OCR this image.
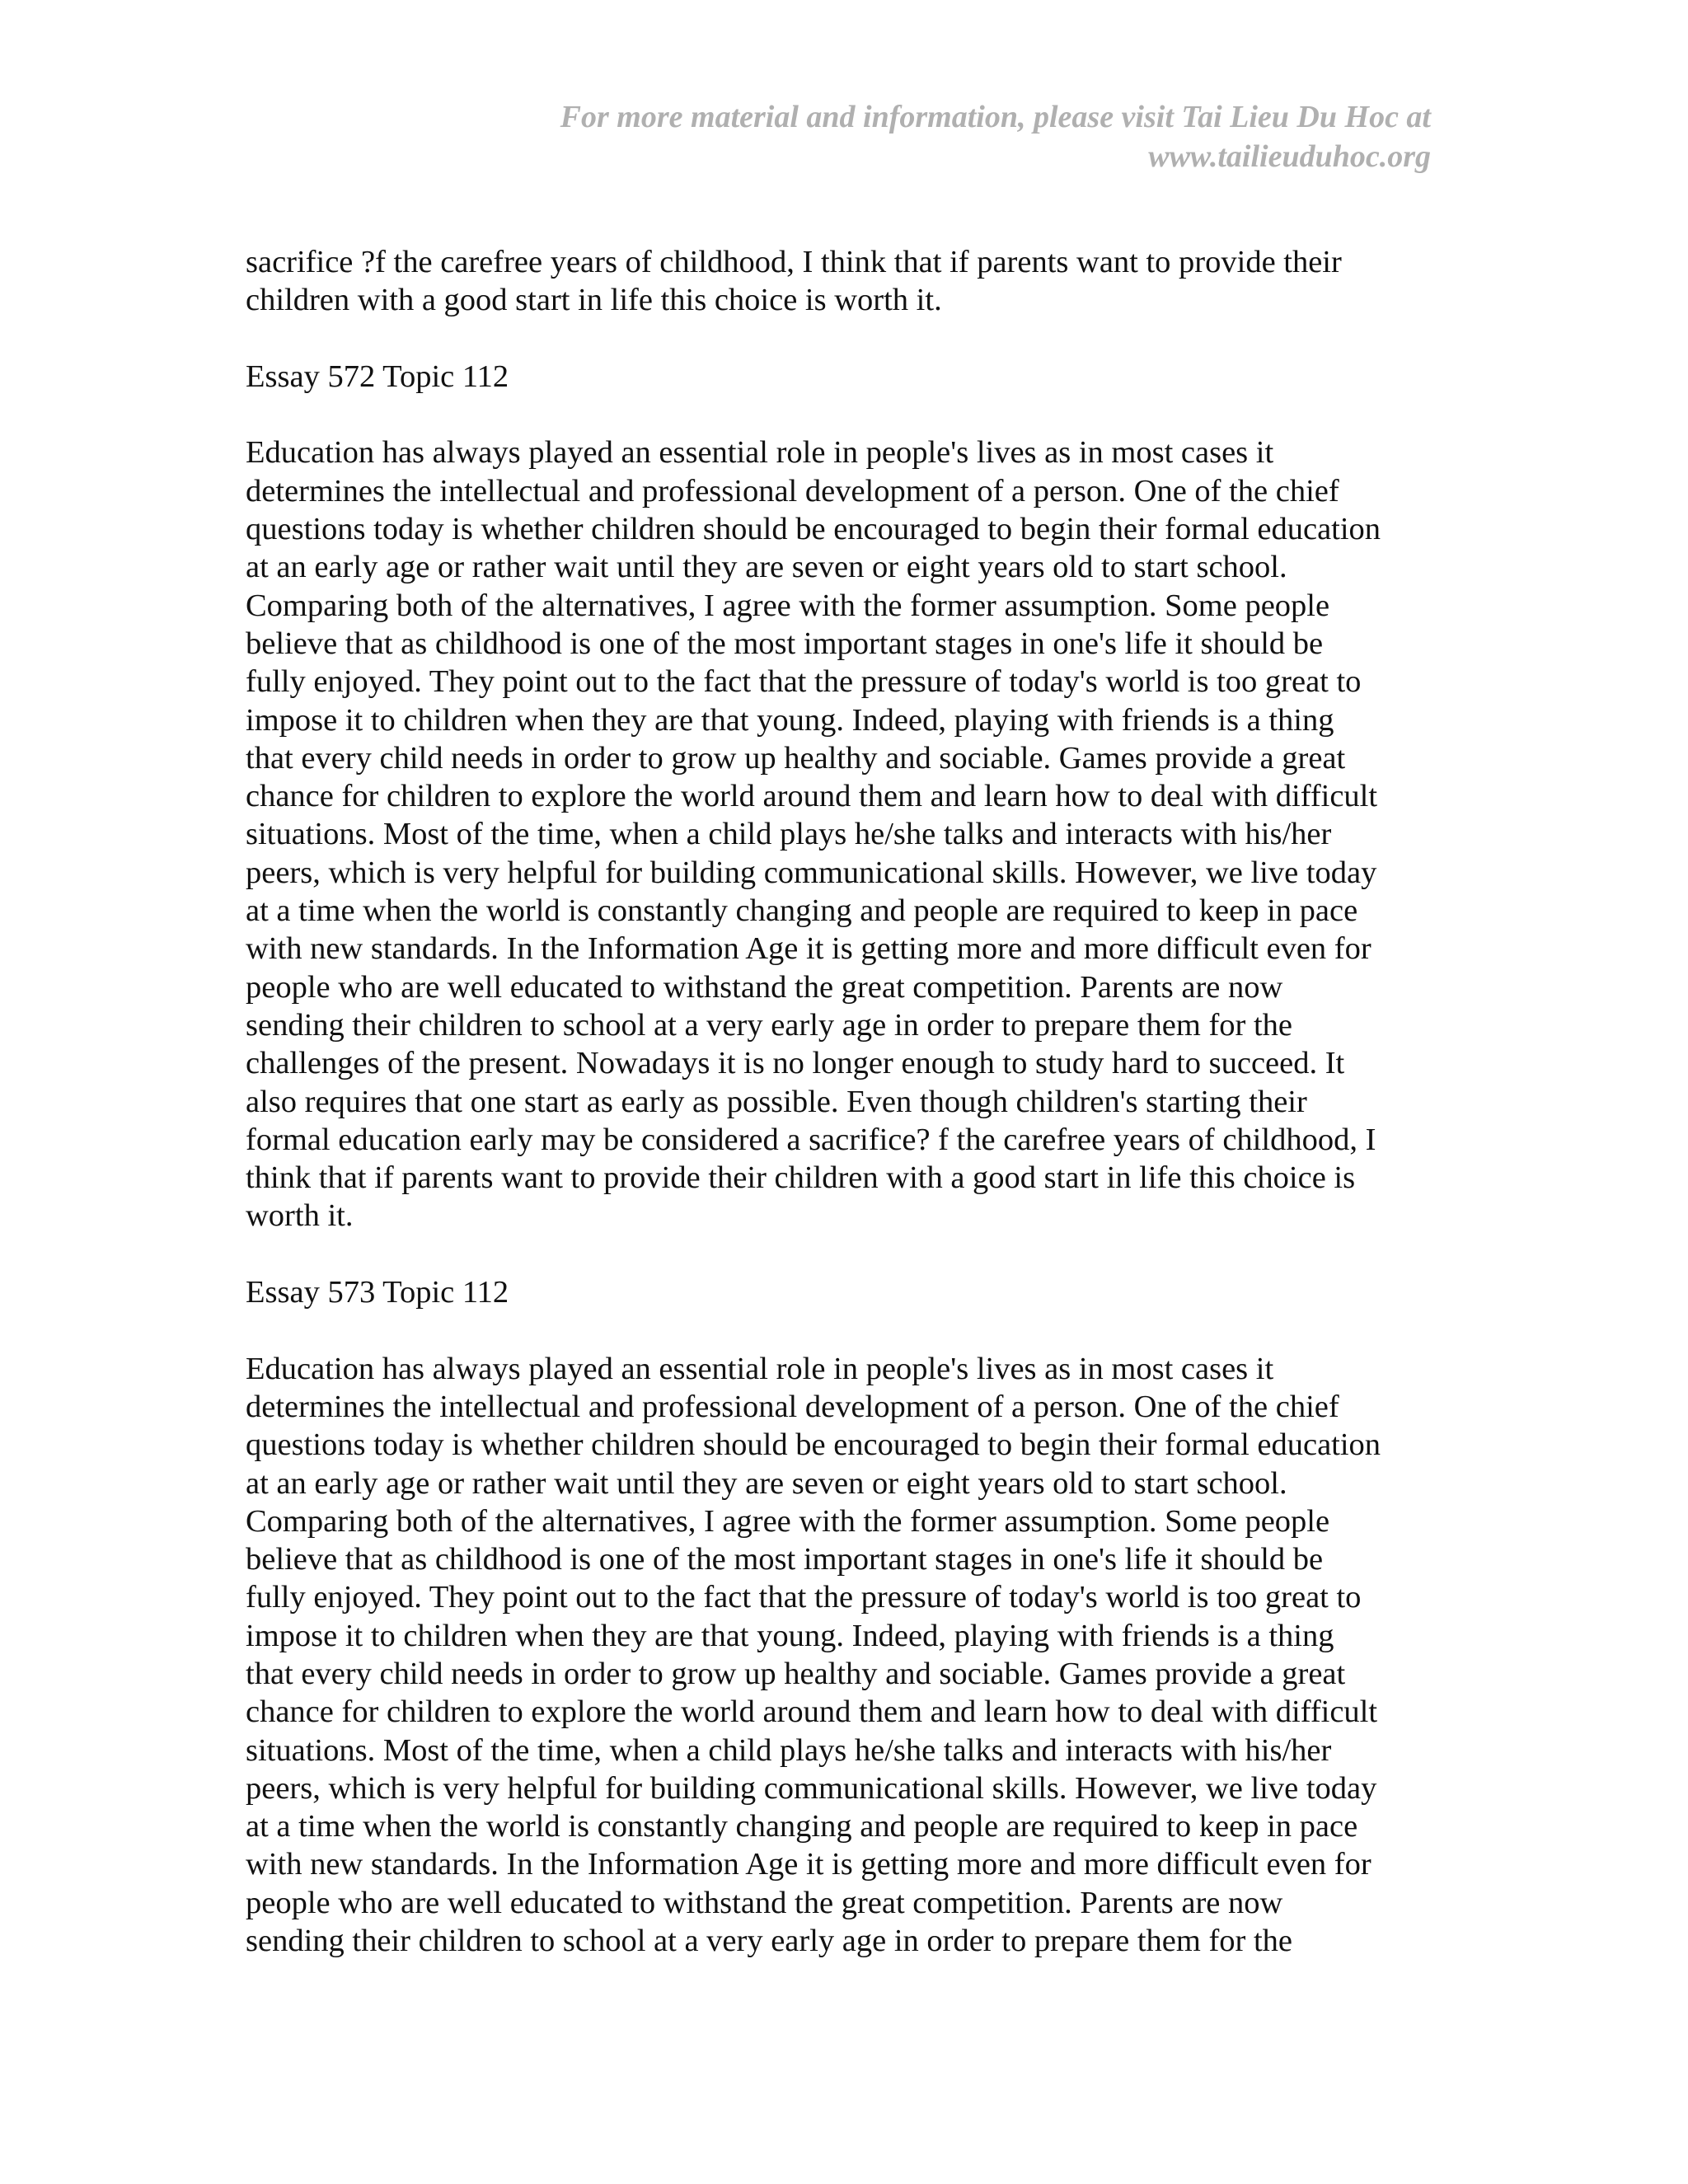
For more material and information, please visit Tai Lieu Du Hoc at
www.tailieuduhoc.org
sacrifice ?f the carefree years of childhood, I think that if parents want to provide their
children with a good start in life this choice is worth it.
Essay 572 Topic 112
Education has always played an essential role in people's lives as in most cases it
determines the intellectual and professional development of a person. One of the chief
questions today is whether children should be encouraged to begin their formal education
at an early age or rather wait until they are seven or eight years old to start school.
Comparing both of the alternatives, I agree with the former assumption. Some people
believe that as childhood is one of the most important stages in one's life it should be
fully enjoyed. They point out to the fact that the pressure of today's world is too great to
impose it to children when they are that young. Indeed, playing with friends is a thing
that every child needs in order to grow up healthy and sociable. Games provide a great
chance for children to explore the world around them and learn how to deal with difficult
situations. Most of the time, when a child plays he/she talks and interacts with his/her
peers, which is very helpful for building communicational skills. However, we live today
at a time when the world is constantly changing and people are required to keep in pace
with new standards. In the Information Age it is getting more and more difficult even for
people who are well educated to withstand the great competition. Parents are now
sending their children to school at a very early age in order to prepare them for the
challenges of the present. Nowadays it is no longer enough to study hard to succeed. It
also requires that one start as early as possible. Even though children's starting their
formal education early may be considered a sacrifice? f the carefree years of childhood, I
think that if parents want to provide their children with a good start in life this choice is
worth it.
Essay 573 Topic 112
Education has always played an essential role in people's lives as in most cases it
determines the intellectual and professional development of a person. One of the chief
questions today is whether children should be encouraged to begin their formal education
at an early age or rather wait until they are seven or eight years old to start school.
Comparing both of the alternatives, I agree with the former assumption. Some people
believe that as childhood is one of the most important stages in one's life it should be
fully enjoyed. They point out to the fact that the pressure of today's world is too great to
impose it to children when they are that young. Indeed, playing with friends is a thing
that every child needs in order to grow up healthy and sociable. Games provide a great
chance for children to explore the world around them and learn how to deal with difficult
situations. Most of the time, when a child plays he/she talks and interacts with his/her
peers, which is very helpful for building communicational skills. However, we live today
at a time when the world is constantly changing and people are required to keep in pace
with new standards. In the Information Age it is getting more and more difficult even for
people who are well educated to withstand the great competition. Parents are now
sending their children to school at a very early age in order to prepare them for the
